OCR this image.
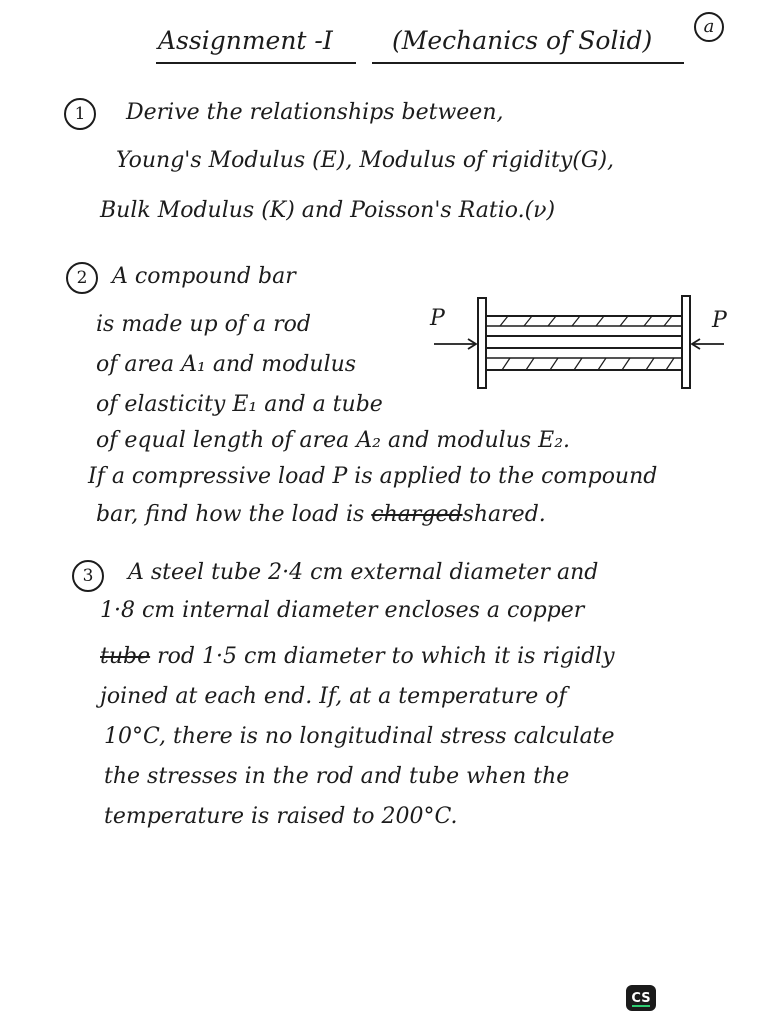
Assignment -I (Mechanics of Solid)	a
1 Derive the relationships between,
Young's Modulus (E), Modulus of rigidity(G),
Bulk Modulus (K) and Poisson's Ratio.(ν)
2 A compound bar
is made up of a rod
of area A₁ and modulus
of elasticity E₁ and a tube
of equal length of area A₂ and modulus E₂.
If a compressive load P is applied to the compound
bar, find how the load is chargedshared.
P	P
3 A steel tube 2·4 cm external diameter and
1·8 cm internal diameter encloses a copper
tube rod 1·5 cm diameter to which it is rigidly
joined at each end. If, at a temperature of
10°C, there is no longitudinal stress calculate
the stresses in the rod and tube when the
temperature is raised to 200°C.
CS
